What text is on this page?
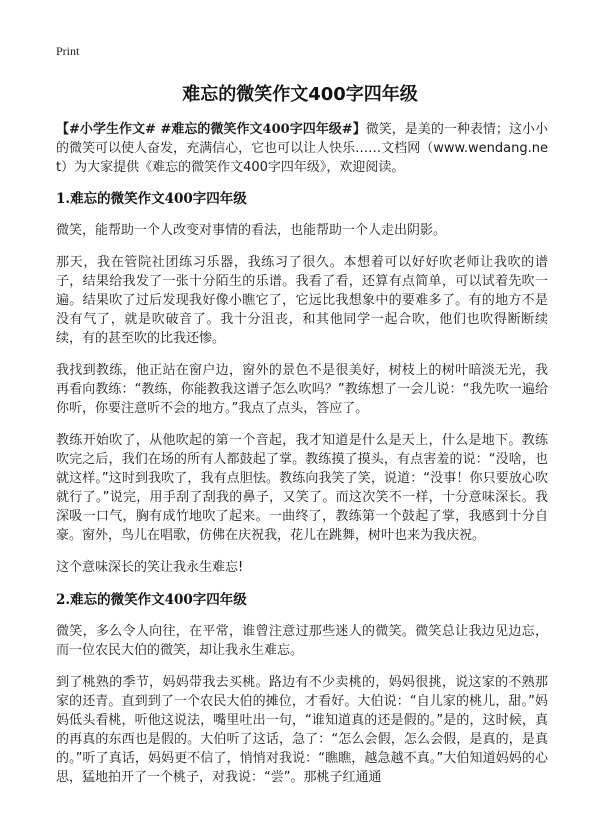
Print
难忘的微笑作文400字四年级

【#小学生作文# #难忘的微笑作文400字四年级#】微笑，是美的一种表情；这小小的微笑可以使人奋发，充满信心，它也可以让人快乐……文档网（www.wendang.net）为大家提供《难忘的微笑作文400字四年级》，欢迎阅读。

1.难忘的微笑作文400字四年级

微笑，能帮助一个人改变对事情的看法，也能帮助一个人走出阴影。

那天，我在管院社团练习乐器，我练习了很久。本想着可以好好吹老师让我吹的谱子，结果给我发了一张十分陌生的乐谱。我看了看，还算有点简单，可以试着先吹一遍。结果吹了过后发现我好像小瞧它了，它远比我想象中的要难多了。有的地方不是没有气了，就是吹破音了。我十分沮丧，和其他同学一起合吹，他们也吹得断断续续，有的甚至吹的比我还惨。

我找到教练，他正站在窗户边，窗外的景色不是很美好，树枝上的树叶暗淡无光，我再看向教练：“教练，你能教我这谱子怎么吹吗？”教练想了一会儿说：“我先吹一遍给你听，你要注意听不会的地方。”我点了点头，答应了。

教练开始吹了，从他吹起的第一个音起，我才知道是什么是天上，什么是地下。教练吹完之后，我们在场的所有人都鼓起了掌。教练摸了摸头，有点害羞的说：“没啥，也就这样。”这时到我吹了，我有点胆怯。教练向我笑了笑，说道：“没事！你只要放心吹就行了。”说完，用手刮了刮我的鼻子，又笑了。而这次笑不一样，十分意味深长。我深吸一口气，胸有成竹地吹了起来。一曲终了，教练第一个鼓起了掌，我感到十分自豪。窗外，鸟儿在唱歌，仿佛在庆祝我，花儿在跳舞，树叶也来为我庆祝。

这个意味深长的笑让我永生难忘!

2.难忘的微笑作文400字四年级

微笑，多么令人向往，在平常，谁曾注意过那些迷人的微笑。微笑总让我边见边忘，而一位农民大伯的微笑，却让我永生难忘。

到了桃熟的季节，妈妈带我去买桃。路边有不少卖桃的，妈妈很挑，说这家的不熟那家的还青。直到到了一个农民大伯的摊位，才看好。大伯说：“自儿家的桃儿，甜。”妈妈低头看桃，听他这说法，嘴里吐出一句，“谁知道真的还是假的。”是的，这时候，真的再真的东西也是假的。大伯听了这话，急了：“怎么会假，怎么会假，是真的，是真的。”听了真话，妈妈更不信了，悄悄对我说：“瞧瞧，越急越不真。”大伯知道妈妈的心思，猛地拍开了一个桃子，对我说：“尝”。那桃子红通通
